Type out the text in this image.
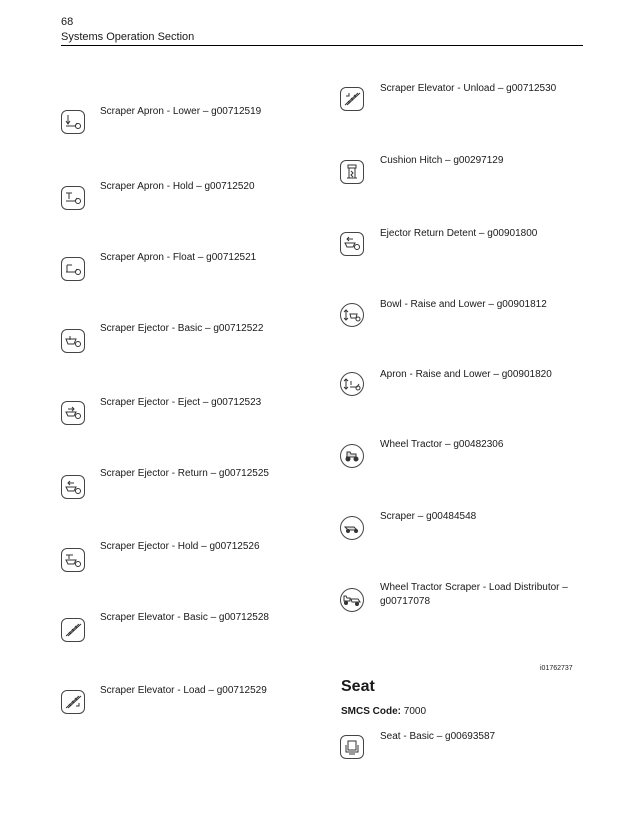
68
Systems Operation Section
Scraper Apron - Lower – g00712519
Scraper Apron - Hold – g00712520
Scraper Apron - Float – g00712521
Scraper Ejector - Basic – g00712522
Scraper Ejector - Eject – g00712523
Scraper Ejector - Return – g00712525
Scraper Ejector - Hold – g00712526
Scraper Elevator - Basic – g00712528
Scraper Elevator - Load – g00712529
Scraper Elevator - Unload – g00712530
Cushion Hitch – g00297129
Ejector Return Detent – g00901800
Bowl - Raise and Lower – g00901812
Apron - Raise and Lower – g00901820
Wheel Tractor – g00482306
Scraper – g00484548
Wheel Tractor Scraper - Load Distributor – g00717078
i01762737
Seat
SMCS Code: 7000
Seat - Basic – g00693587
